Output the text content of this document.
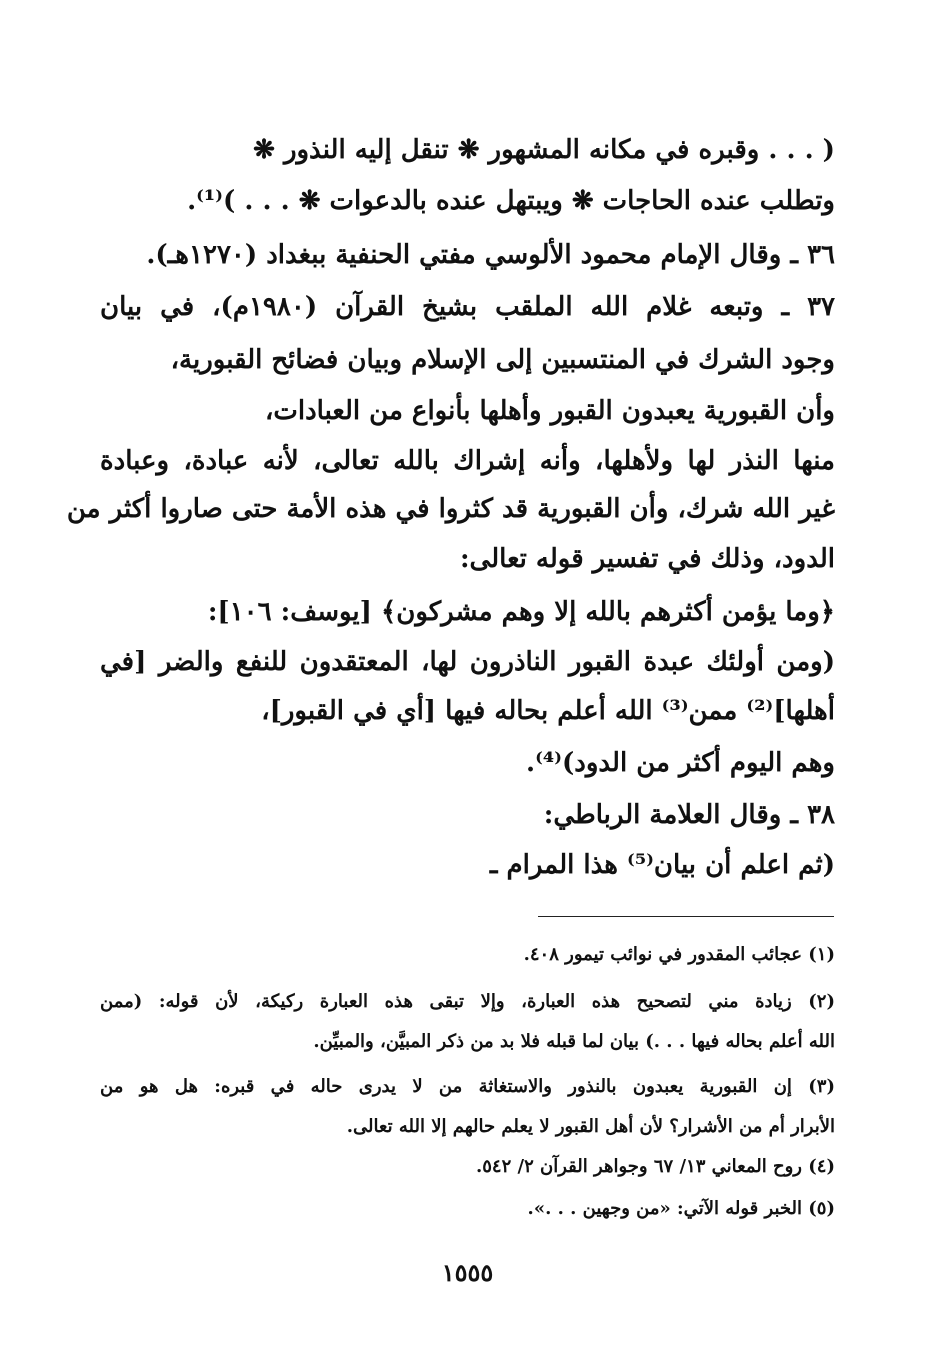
( . . . وقبره في مكانه المشهور ❋ تنقل إليه النذور ❋
وتطلب عنده الحاجات ❋ ويبتهل عنده بالدعوات ❋ . . . )⁽¹⁾.
٣٦ ـ وقال الإمام محمود الألوسي مفتي الحنفية ببغداد (١٢٧٠هـ).
٣٧ ـ وتبعه غلام الله الملقب بشيخ القرآن (١٩٨٠م)، في بيان
وجود الشرك في المنتسبين إلى الإسلام وبيان فضائح القبورية،
وأن القبورية يعبدون القبور وأهلها بأنواع من العبادات،
منها النذر لها ولأهلها، وأنه إشراك بالله تعالى، لأنه عبادة، وعبادة
غير الله شرك، وأن القبورية قد كثروا في هذه الأمة حتى صاروا أكثر من
الدود، وذلك في تفسير قوله تعالى:
﴿وما يؤمن أكثرهم بالله إلا وهم مشركون﴾ [يوسف: ١٠٦]:
(ومن أولئك عبدة القبور الناذرون لها، المعتقدون للنفع والضر [في
أهلها]⁽²⁾ ممن⁽³⁾ الله أعلم بحاله فيها [أي في القبور]،
وهم اليوم أكثر من الدود)⁽⁴⁾.
٣٨ ـ وقال العلامة الرباطي:
(ثم اعلم أن بيان⁽⁵⁾ هذا المرام ـ
(١) عجائب المقدور في نوائب تيمور ٤٠٨.
(٢) زيادة مني لتصحيح هذه العبارة، وإلا تبقى هذه العبارة ركيكة، لأن قوله: (ممن
الله أعلم بحاله فيها . . .) بيان لما قبله فلا بد من ذكر المبيَّن، والمبيِّن.
(٣) إن القبورية يعبدون بالنذور والاستغاثة من لا يدرى حاله في قبره: هل هو من
الأبرار أم من الأشرار؟ لأن أهل القبور لا يعلم حالهم إلا الله تعالى.
(٤) روح المعاني ١٣/ ٦٧ وجواهر القرآن ٢/ ٥٤٢.
(٥) الخبر قوله الآتي: «من وجهين . . .».
١٥٥٥
